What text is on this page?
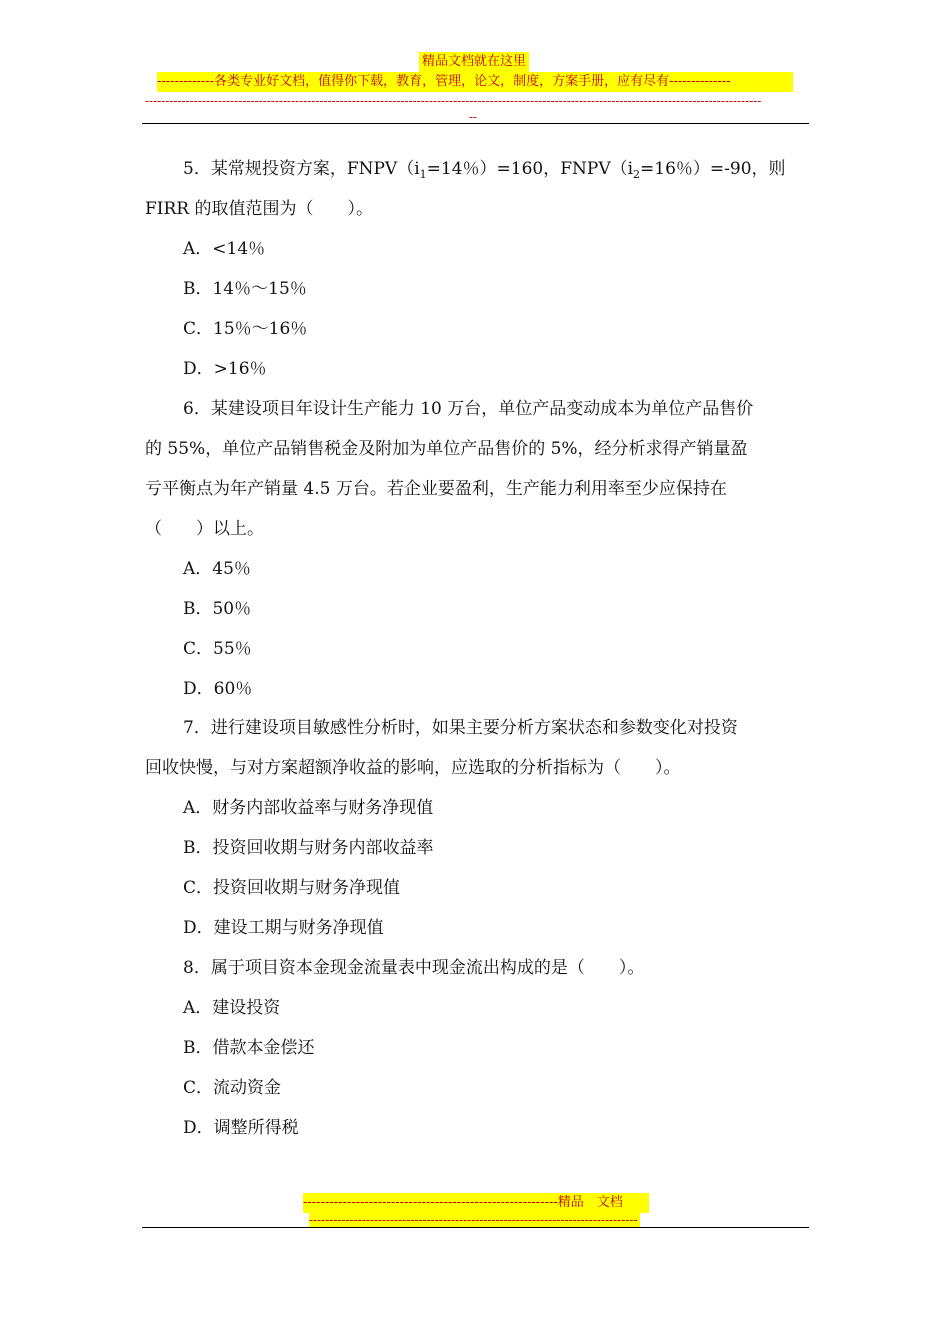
精品文档就在这里
-------------各类专业好文档，值得你下载，教育，管理，论文，制度，方案手册，应有尽有--------------
--------------------------------------------------------------------------------------------------------------------------------------------------------
--
5．某常规投资方案，$FNPV(i_1=14$％）=160，$FNPV(i_2=16$％）=-90，则
FIRR 的取值范围为（　　）。
A．<14％
B．14％～15％
C．15％～16％
D．>16％
6．某建设项目年设计生产能力 10 万台，单位产品变动成本为单位产品售价
的 55%，单位产品销售税金及附加为单位产品售价的 5%，经分析求得产销量盈
亏平衡点为年产销量 4.5 万台。若企业要盈利，生产能力利用率至少应保持在
（　　）以上。
A．45％
B．50％
C．55％
D．60％
7．进行建设项目敏感性分析时，如果主要分析方案状态和参数变化对投资
回收快慢，与对方案超额净收益的影响，应选取的分析指标为（　　）。
A．财务内部收益率与财务净现值
B．投资回收期与财务内部收益率
C．投资回收期与财务净现值
D．建设工期与财务净现值
8．属于项目资本金现金流量表中现金流出构成的是（　　）。
A．建设投资
B．借款本金偿还
C．流动资金
D．调整所得税
----------------------------------------------------------精品　文档
---------------------------------------------------------------------------------
